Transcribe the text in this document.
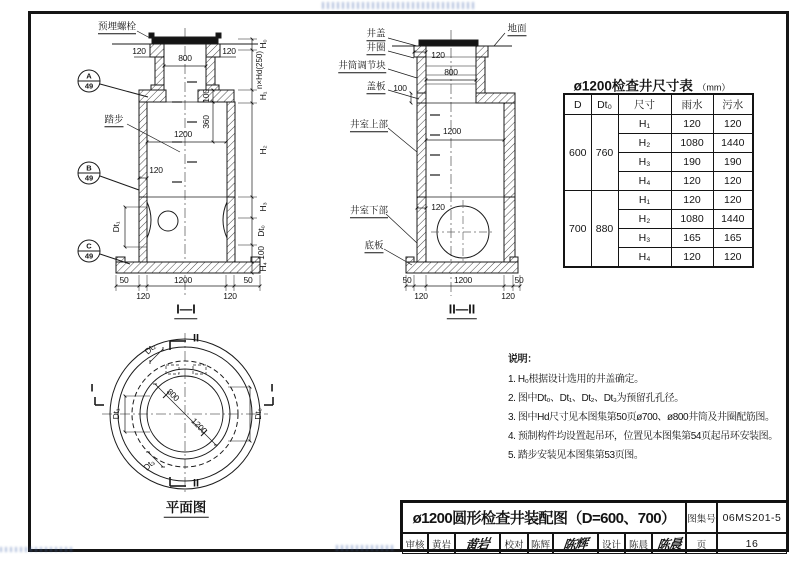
预埋螺栓
踏步
A
49
B
49
C
49
120
800
120
100
360
1200
120
Dt₁
H₀
n×Hd(250)
H₁
H₂
H₃
Dt₀
100
H₄
50
120
1200
120
50
I—I
地面
井盖
井圈
井筒调节块
盖板
井室上部
井室下部
底板
120
800
100
1200
120
50
120
1200
120
50
II—II
II
II
I	I
800
1200
Dt₁	Dt₀
Dt₂
Dt₃
平面图
ø1200检查井尺寸表 （mm）
D	Dt₀	尺寸	雨水	污水
600	760	H₁	120	120
		H₂	1080	1440
		H₃	190	190
		H₄	120	120
700	880	H₁	120	120
		H₂	1080	1440
		H₃	165	165
		H₄	120	120
说明：
1. H₀根据设计选用的井盖确定。
2. 图中Dt₀、Dt₁、Dt₂、Dt₃为预留孔孔径。
3. 图中Hd尺寸见本图集第50页ø700、ø800井筒及井圈配筋图。
4. 预制构件均设置起吊环，位置见本图集第54页起吊环安装图。
5. 踏步安装见本图集第53页图。
ø1200圆形检查井装配图（D=600、700）	图集号 06MS201-5
审核 黄岩	黄岩	校对 陈辉 陈辉	设计 陈晨 陈晨	页	16
